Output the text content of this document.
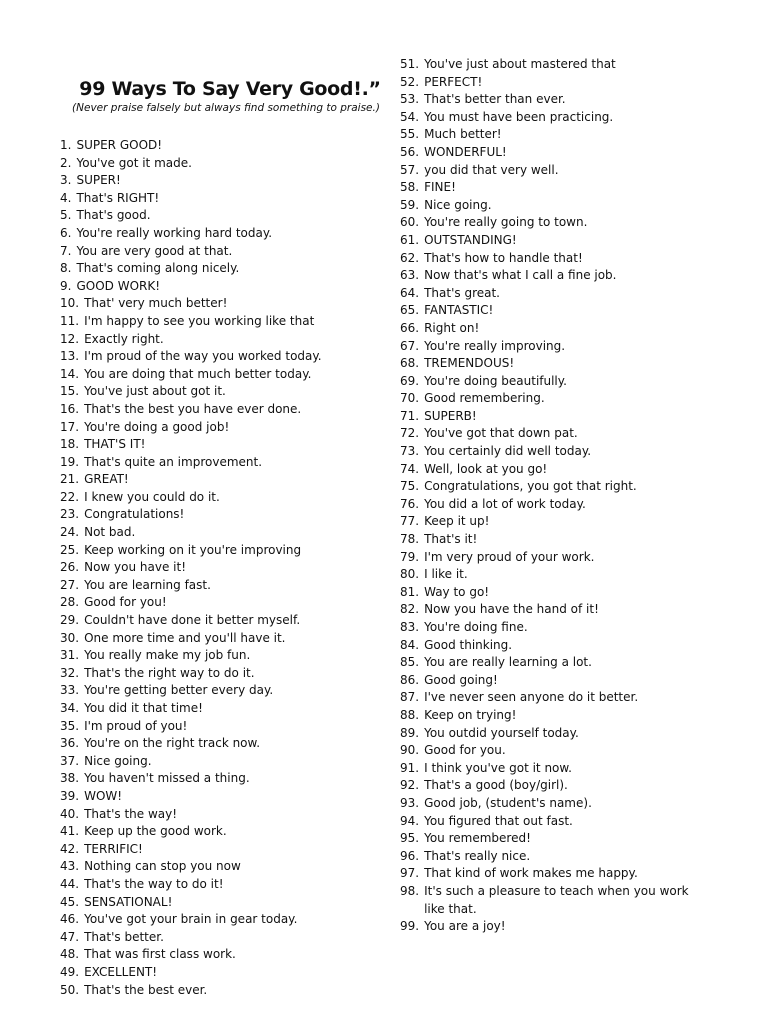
99 Ways To Say Very Good!.”

(Never praise falsely but always find something to praise.)

1. SUPER GOOD!
2. You've got it made.
3. SUPER!
4. That's RIGHT!
5. That's good.
6. You're really working hard today.
7. You are very good at that.
8. That's coming along nicely.
9. GOOD WORK!
10. That' very much better!
11. I'm happy to see you working like that
12. Exactly right.
13. I'm proud of the way you worked today.
14. You are doing that much better today.
15. You've just about got it.
16. That's the best you have ever done.
17. You're doing a good job!
18. THAT'S IT!
19. That's quite an improvement.
21. GREAT!
22. I knew you could do it.
23. Congratulations!
24. Not bad.
25. Keep working on it you're improving
26. Now you have it!
27. You are learning fast.
28. Good for you!
29. Couldn't have done it better myself.
30. One more time and you'll have it.
31. You really make my job fun.
32. That's the right way to do it.
33. You're getting better every day.
34. You did it that time!
35. I'm proud of you!
36. You're on the right track now.
37. Nice going.
38. You haven't missed a thing.
39. WOW!
40. That's the way!
41. Keep up the good work.
42. TERRIFIC!
43. Nothing can stop you now
44. That's the way to do it!
45. SENSATIONAL!
46. You've got your brain in gear today.
47. That's better.
48. That was first class work.
49. EXCELLENT!
50. That's the best ever.
51. You've just about mastered that
52. PERFECT!
53. That's better than ever.
54. You must have been practicing.
55. Much better!
56. WONDERFUL!
57. you did that very well.
58. FINE!
59. Nice going.
60. You're really going to town.
61. OUTSTANDING!
62. That's how to handle that!
63. Now that's what I call a fine job.
64. That's great.
65. FANTASTIC!
66. Right on!
67. You're really improving.
68. TREMENDOUS!
69. You're doing beautifully.
70. Good remembering.
71. SUPERB!
72. You've got that down pat.
73. You certainly did well today.
74. Well, look at you go!
75. Congratulations, you got that right.
76. You did a lot of work today.
77. Keep it up!
78. That's it!
79. I'm very proud of your work.
80. I like it.
81. Way to go!
82. Now you have the hand of it!
83. You're doing fine.
84. Good thinking.
85. You are really learning a lot.
86. Good going!
87. I've never seen anyone do it better.
88. Keep on trying!
89. You outdid yourself today.
90. Good for you.
91. I think you've got it now.
92. That's a good (boy/girl).
93. Good job, (student's name).
94. You figured that out fast.
95. You remembered!
96. That's really nice.
97. That kind of work makes me happy.
98. It's such a pleasure to teach when you work like that.
99. You are a joy!
